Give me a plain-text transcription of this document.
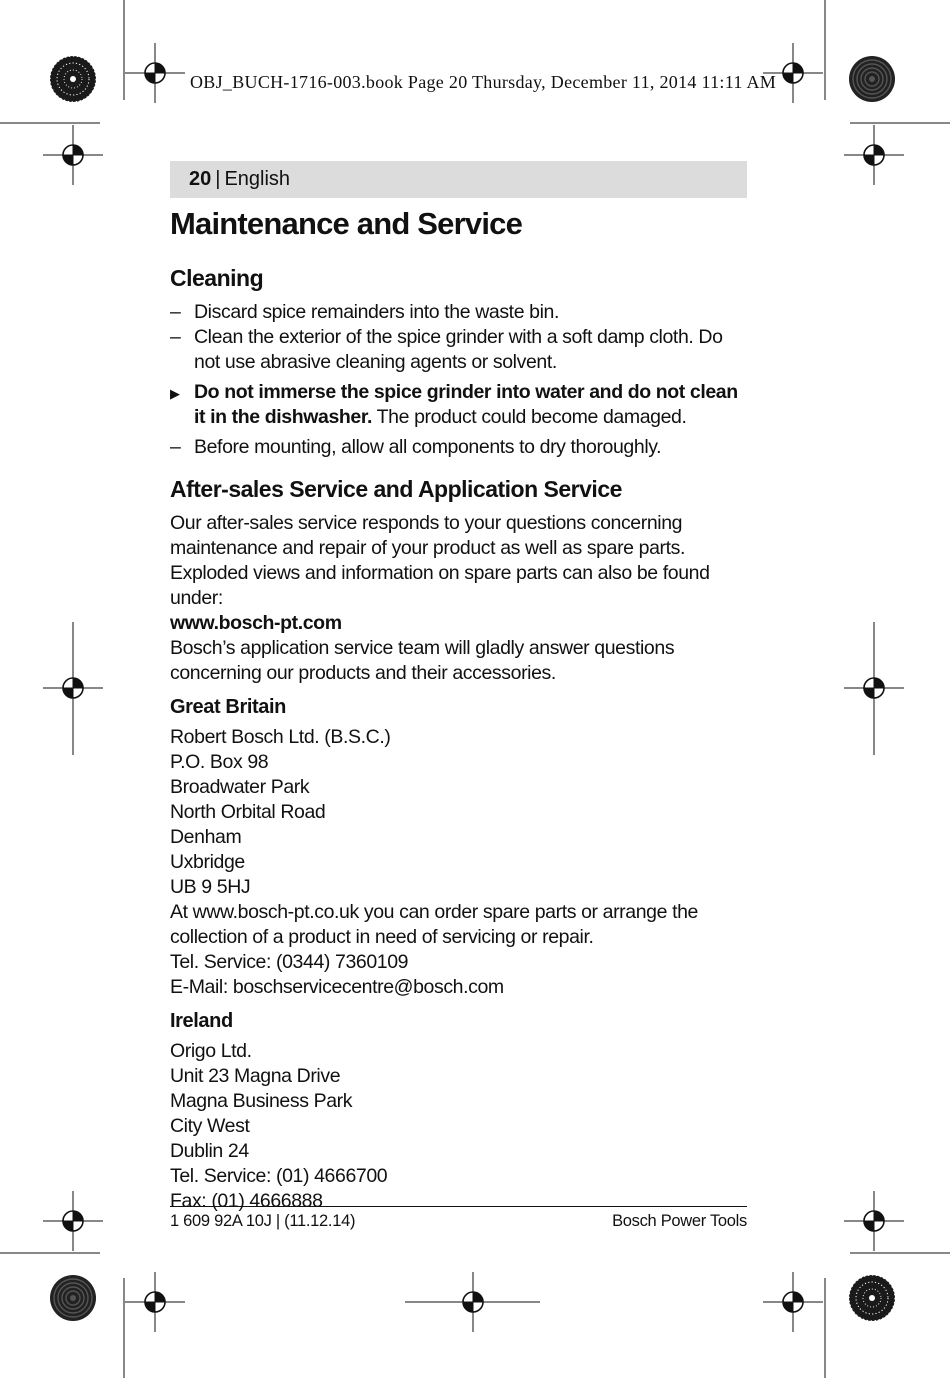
OBJ_BUCH-1716-003.book Page 20 Thursday, December 11, 2014 11:11 AM
20 | English
Maintenance and Service
Cleaning
– Discard spice remainders into the waste bin.
– Clean the exterior of the spice grinder with a soft damp cloth. Do not use abrasive cleaning agents or solvent.
▶ Do not immerse the spice grinder into water and do not clean it in the dishwasher. The product could become damaged.
– Before mounting, allow all components to dry thoroughly.
After-sales Service and Application Service

Our after-sales service responds to your questions concerning maintenance and repair of your product as well as spare parts. Exploded views and information on spare parts can also be found under:

www.bosch-pt.com

Bosch’s application service team will gladly answer questions concerning our products and their accessories.

Great Britain
Robert Bosch Ltd. (B.S.C.)
P.O. Box 98
Broadwater Park
North Orbital Road
Denham
Uxbridge
UB 9 5HJ
At www.bosch-pt.co.uk you can order spare parts or arrange the collection of a product in need of servicing or repair.
Tel. Service: (0344) 7360109
E-Mail: boschservicecentre@bosch.com
Ireland
Origo Ltd.
Unit 23 Magna Drive
Magna Business Park
City West
Dublin 24
Tel. Service: (01) 4666700
Fax: (01) 4666888
1 609 92A 10J | (11.12.14)	Bosch Power Tools
